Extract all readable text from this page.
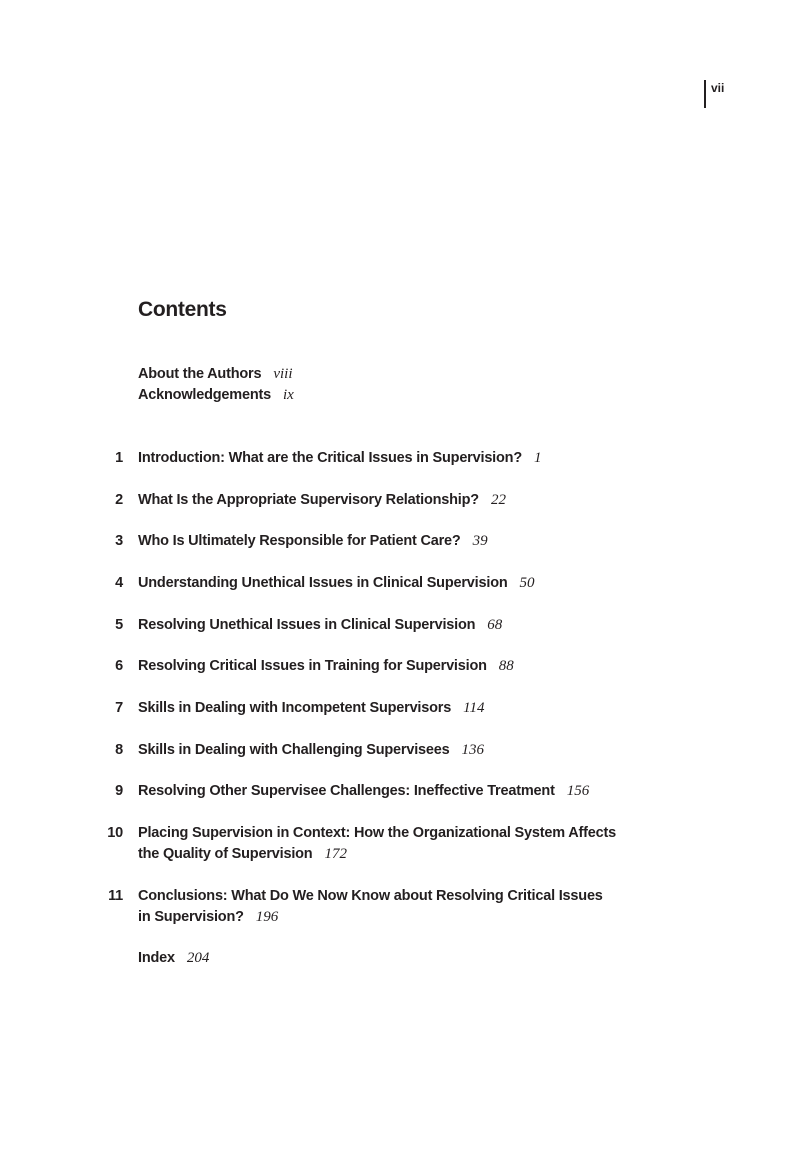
vii
Contents
About the Authors viii
Acknowledgements ix
1 Introduction: What are the Critical Issues in Supervision? 1
2 What Is the Appropriate Supervisory Relationship? 22
3 Who Is Ultimately Responsible for Patient Care? 39
4 Understanding Unethical Issues in Clinical Supervision 50
5 Resolving Unethical Issues in Clinical Supervision 68
6 Resolving Critical Issues in Training for Supervision 88
7 Skills in Dealing with Incompetent Supervisors 114
8 Skills in Dealing with Challenging Supervisees 136
9 Resolving Other Supervisee Challenges: Ineffective Treatment 156
10 Placing Supervision in Context: How the Organizational System Affects
the Quality of Supervision 172
11 Conclusions: What Do We Now Know about Resolving Critical Issues
in Supervision? 196
Index 204
